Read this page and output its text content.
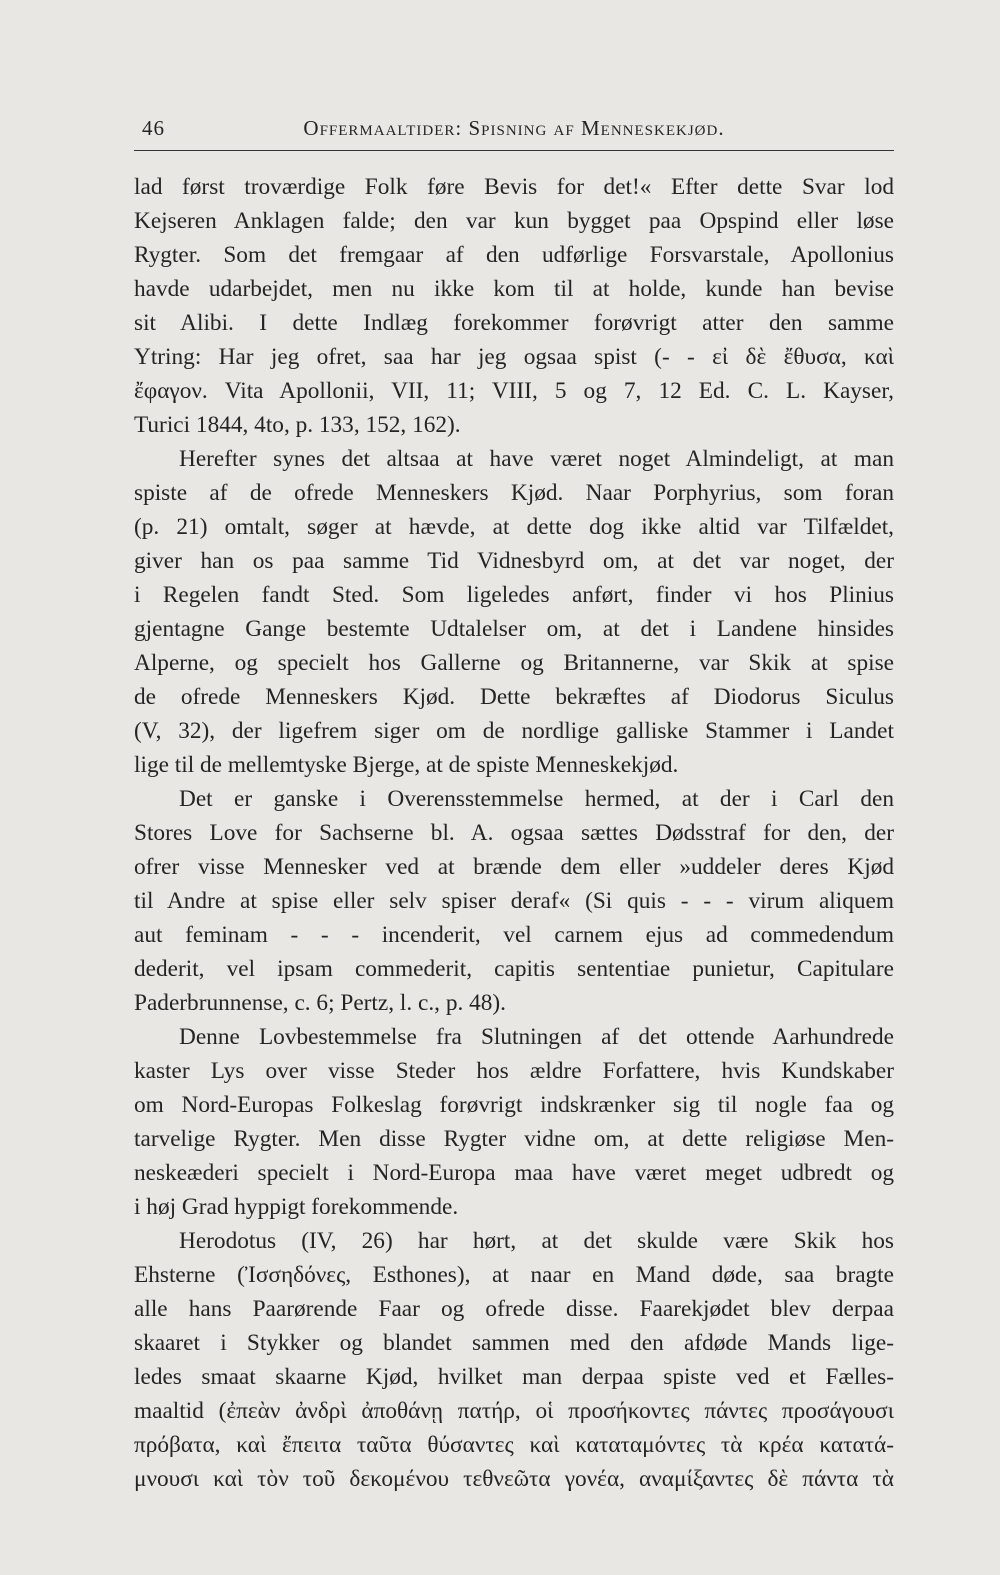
46	Offermaaltider: Spisning af Menneskekjød.
lad først troværdige Folk føre Bevis for det!« Efter dette Svar lod
Kejseren Anklagen falde; den var kun bygget paa Opspind eller løse
Rygter. Som det fremgaar af den udførlige Forsvarstale, Apollonius
havde udarbejdet, men nu ikke kom til at holde, kunde han bevise
sit Alibi. I dette Indlæg forekommer forøvrigt atter den samme
Ytring: Har jeg ofret, saa har jeg ogsaa spist (- - εἰ δὲ ἔθυσα, καὶ
ἔφαγον. Vita Apollonii, VII, 11; VIII, 5 og 7, 12 Ed. C. L. Kayser,
Turici 1844, 4to, p. 133, 152, 162).
Herefter synes det altsaa at have været noget Almindeligt, at man
spiste af de ofrede Menneskers Kjød. Naar Porphyrius, som foran
(p. 21) omtalt, søger at hævde, at dette dog ikke altid var Tilfældet,
giver han os paa samme Tid Vidnesbyrd om, at det var noget, der
i Regelen fandt Sted. Som ligeledes anført, finder vi hos Plinius
gjentagne Gange bestemte Udtalelser om, at det i Landene hinsides
Alperne, og specielt hos Gallerne og Britannerne, var Skik at spise
de ofrede Menneskers Kjød. Dette bekræftes af Diodorus Siculus
(V, 32), der ligefrem siger om de nordlige galliske Stammer i Landet
lige til de mellemtyske Bjerge, at de spiste Menneskekjød.
Det er ganske i Overensstemmelse hermed, at der i Carl den
Stores Love for Sachserne bl. A. ogsaa sættes Dødsstraf for den, der
ofrer visse Mennesker ved at brænde dem eller »uddeler deres Kjød
til Andre at spise eller selv spiser deraf« (Si quis - - - virum aliquem
aut feminam - - - incenderit, vel carnem ejus ad commedendum
dederit, vel ipsam commederit, capitis sententiae punietur, Capitulare
Paderbrunnense, c. 6; Pertz, l. c., p. 48).
Denne Lovbestemmelse fra Slutningen af det ottende Aarhundrede
kaster Lys over visse Steder hos ældre Forfattere, hvis Kundskaber
om Nord-Europas Folkeslag forøvrigt indskrænker sig til nogle faa og
tarvelige Rygter. Men disse Rygter vidne om, at dette religiøse Men-
neskeæderi specielt i Nord-Europa maa have været meget udbredt og
i høj Grad hyppigt forekommende.
Herodotus (IV, 26) har hørt, at det skulde være Skik hos
Ehsterne (Ἰσσηδόνες, Esthones), at naar en Mand døde, saa bragte
alle hans Paarørende Faar og ofrede disse. Faarekjødet blev derpaa
skaaret i Stykker og blandet sammen med den afdøde Mands lige-
ledes smaat skaarne Kjød, hvilket man derpaa spiste ved et Fælles-
maaltid (ἐπεὰν ἀνδρὶ ἀποθάνῃ πατήρ, οἱ προσήκοντες πάντες προσάγουσι
πρόβατα, καὶ ἔπειτα ταῦτα θύσαντες καὶ καταταμόντες τὰ κρέα κατατά-
μνουσι καὶ τὸν τοῦ δεκομένου τεθνεῶτα γονέα, αναμίξαντες δὲ πάντα τὰ
